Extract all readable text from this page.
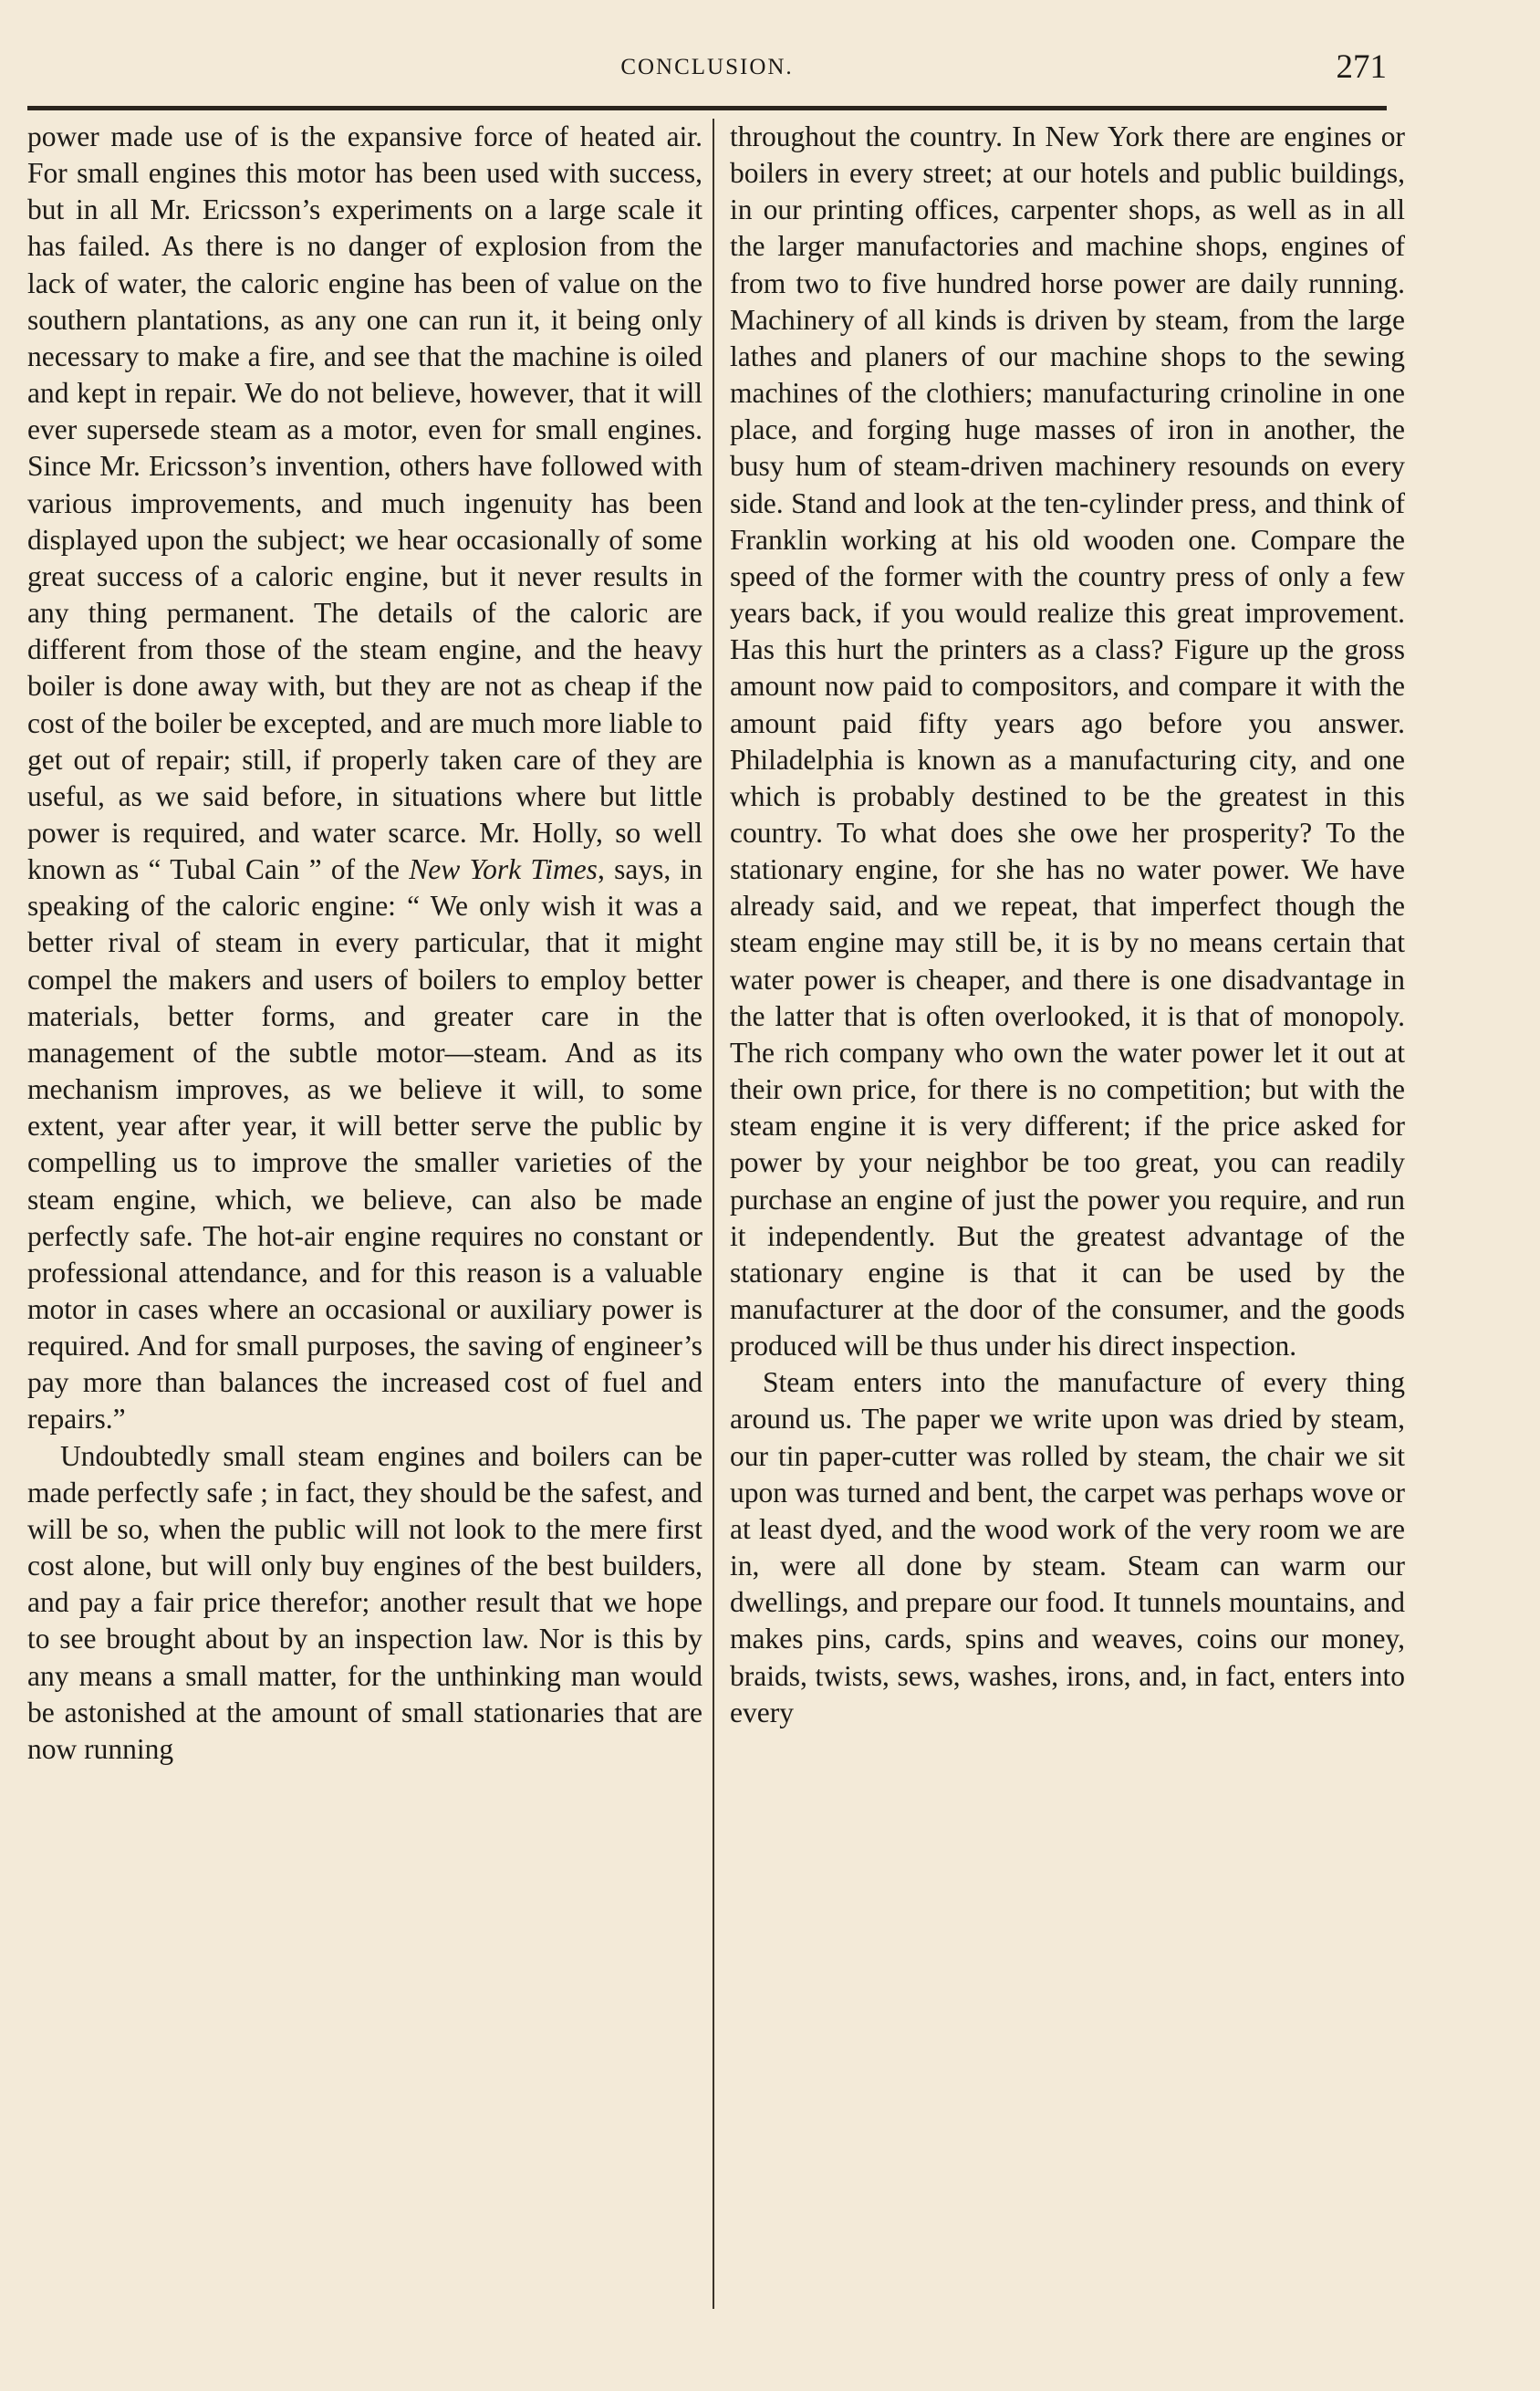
CONCLUSION.	271

power made use of is the expansive force of heated air. For small engines this motor has been used with success, but in all Mr. Ericsson’s experiments on a large scale it has failed. As there is no danger of explosion from the lack of water, the caloric engine has been of value on the southern plantations, as any one can run it, it being only necessary to make a fire, and see that the machine is oiled and kept in repair. We do not believe, however, that it will ever supersede steam as a motor, even for small engines. Since Mr. Ericsson’s invention, others have followed with various improvements, and much ingenuity has been displayed upon the subject; we hear occasionally of some great success of a caloric engine, but it never results in any thing permanent. The details of the caloric are different from those of the steam engine, and the heavy boiler is done away with, but they are not as cheap if the cost of the boiler be excepted, and are much more liable to get out of repair; still, if properly taken care of they are useful, as we said before, in situations where but little power is required, and water scarce. Mr. Holly, so well known as “ Tubal Cain ” of the New York Times, says, in speaking of the caloric engine: “ We only wish it was a better rival of steam in every particular, that it might compel the makers and users of boilers to employ better materials, better forms, and greater care in the management of the subtle motor—steam. And as its mechanism improves, as we believe it will, to some extent, year after year, it will better serve the public by compelling us to improve the smaller varieties of the steam engine, which, we believe, can also be made perfectly safe. The hot-air engine requires no constant or professional attendance, and for this reason is a valuable motor in cases where an occasional or auxiliary power is required. And for small purposes, the saving of engineer’s pay more than balances the increased cost of fuel and repairs.”

Undoubtedly small steam engines and boilers can be made perfectly safe ; in fact, they should be the safest, and will be so, when the public will not look to the mere first cost alone, but will only buy engines of the best builders, and pay a fair price therefor; another result that we hope to see brought about by an inspection law. Nor is this by any means a small matter, for the unthinking man would be astonished at the amount of small stationaries that are now running

throughout the country. In New York there are engines or boilers in every street; at our hotels and public buildings, in our printing offices, carpenter shops, as well as in all the larger manufactories and machine shops, engines of from two to five hundred horse power are daily running. Machinery of all kinds is driven by steam, from the large lathes and planers of our machine shops to the sewing machines of the clothiers; manufacturing crinoline in one place, and forging huge masses of iron in another, the busy hum of steam-driven machinery resounds on every side. Stand and look at the ten-cylinder press, and think of Franklin working at his old wooden one. Compare the speed of the former with the country press of only a few years back, if you would realize this great improvement. Has this hurt the printers as a class? Figure up the gross amount now paid to compositors, and compare it with the amount paid fifty years ago before you answer. Philadelphia is known as a manufacturing city, and one which is probably destined to be the greatest in this country. To what does she owe her prosperity? To the stationary engine, for she has no water power. We have already said, and we repeat, that imperfect though the steam engine may still be, it is by no means certain that water power is cheaper, and there is one disadvantage in the latter that is often overlooked, it is that of monopoly. The rich company who own the water power let it out at their own price, for there is no competition; but with the steam engine it is very different; if the price asked for power by your neighbor be too great, you can readily purchase an engine of just the power you require, and run it independently. But the greatest advantage of the stationary engine is that it can be used by the manufacturer at the door of the consumer, and the goods produced will be thus under his direct inspection.

Steam enters into the manufacture of every thing around us. The paper we write upon was dried by steam, our tin paper-cutter was rolled by steam, the chair we sit upon was turned and bent, the carpet was perhaps wove or at least dyed, and the wood work of the very room we are in, were all done by steam. Steam can warm our dwellings, and prepare our food. It tunnels mountains, and makes pins, cards, spins and weaves, coins our money, braids, twists, sews, washes, irons, and, in fact, enters into every
